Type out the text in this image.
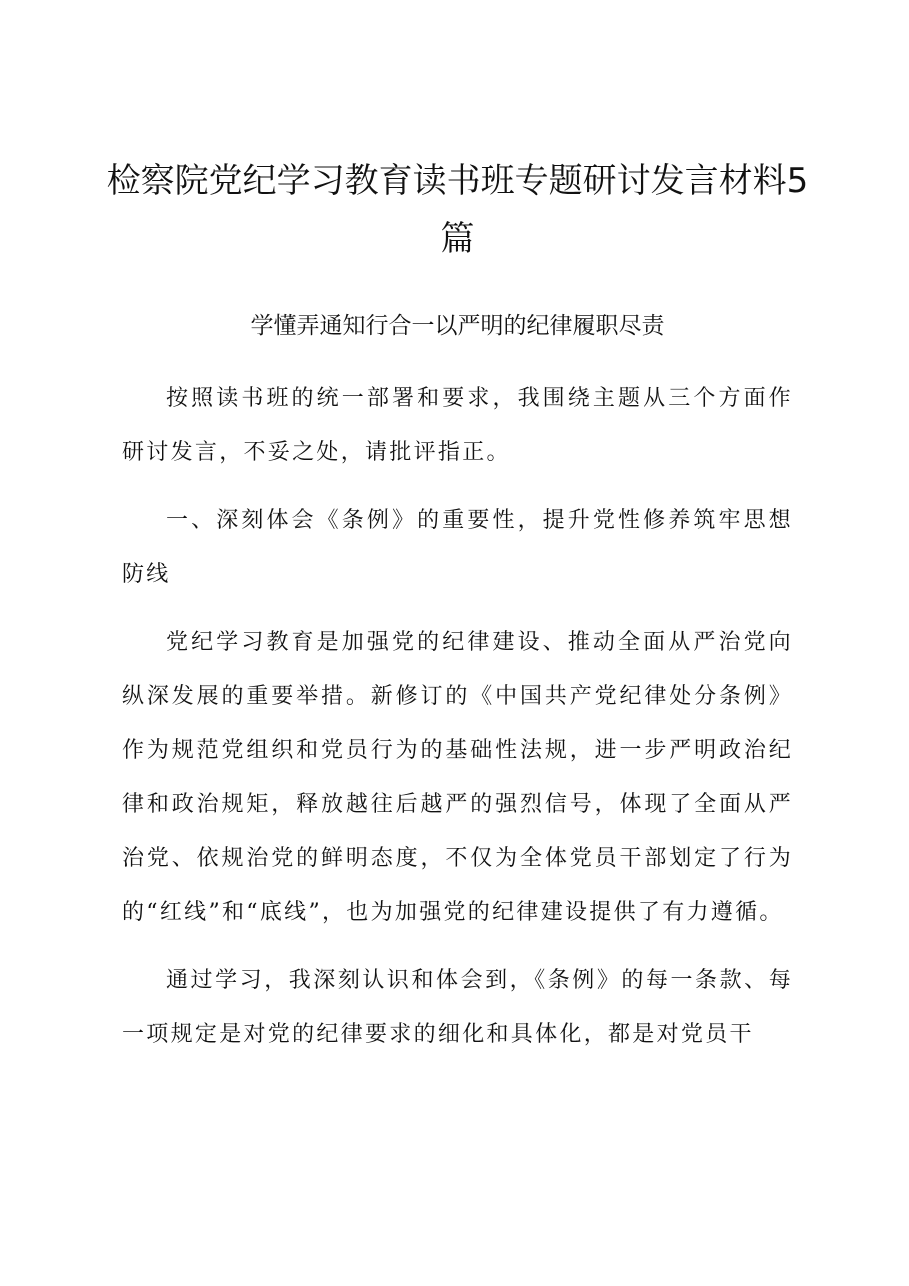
检察院党纪学习教育读书班专题研讨发言材料5篇
学懂弄通知行合一以严明的纪律履职尽责

按照读书班的统一部署和要求，我围绕主题从三个方面作研讨发言，不妥之处，请批评指正。

一、深刻体会《条例》的重要性，提升党性修养筑牢思想防线

党纪学习教育是加强党的纪律建设、推动全面从严治党向纵深发展的重要举措。新修订的《中国共产党纪律处分条例》作为规范党组织和党员行为的基础性法规，进一步严明政治纪律和政治规矩，释放越往后越严的强烈信号，体现了全面从严治党、依规治党的鲜明态度，不仅为全体党员干部划定了行为的“红线”和“底线”，也为加强党的纪律建设提供了有力遵循。

通过学习，我深刻认识和体会到，《条例》的每一条款、每一项规定是对党的纪律要求的细化和具体化，都是对党员干
